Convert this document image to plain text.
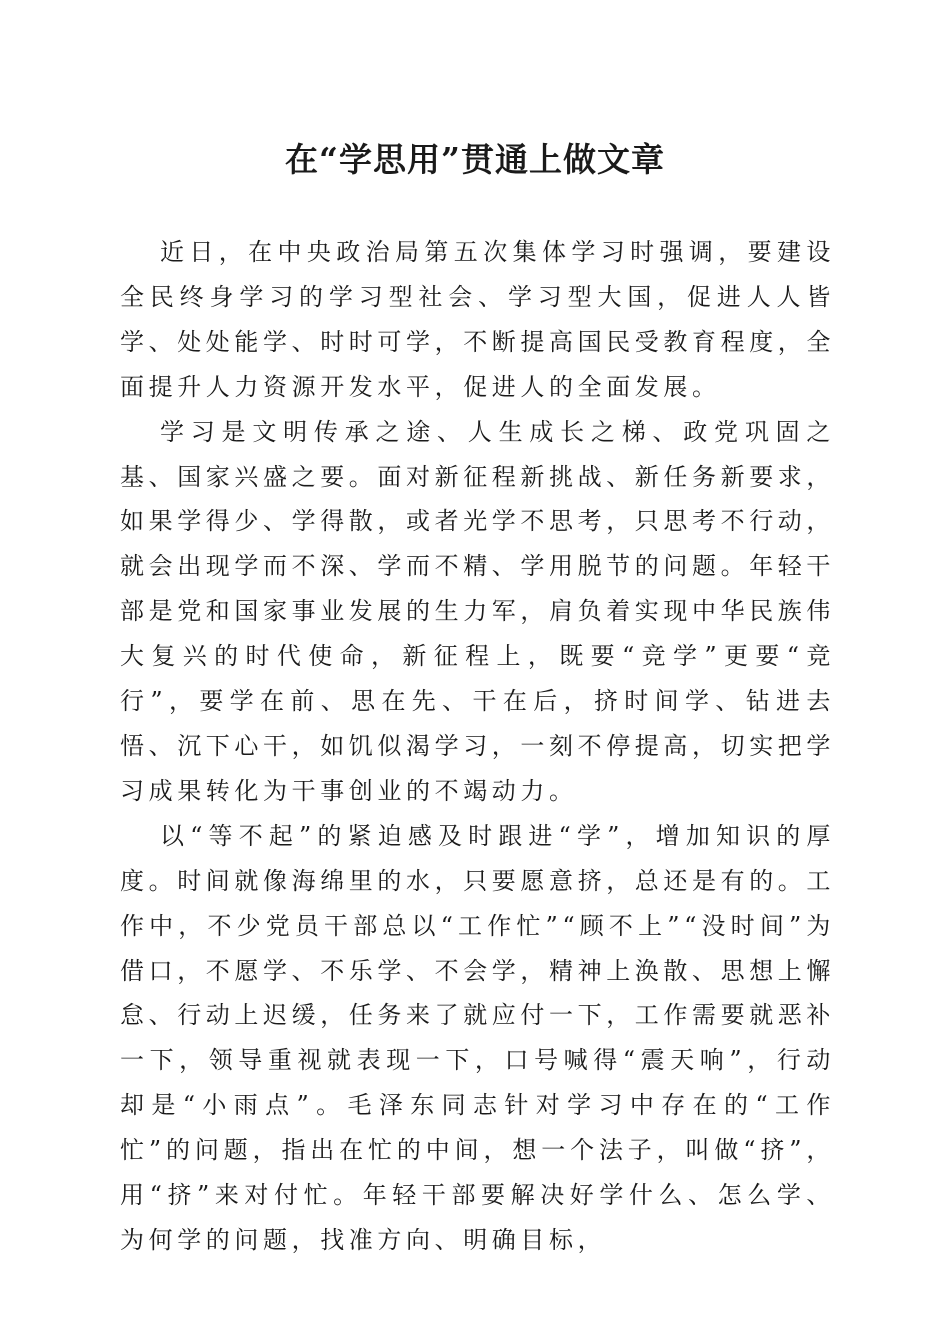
在“学思用”贯通上做文章

近日，在中央政治局第五次集体学习时强调，要建设全民终身学习的学习型社会、学习型大国，促进人人皆学、处处能学、时时可学，不断提高国民受教育程度，全面提升人力资源开发水平，促进人的全面发展。

学习是文明传承之途、人生成长之梯、政党巩固之基、国家兴盛之要。面对新征程新挑战、新任务新要求，如果学得少、学得散，或者光学不思考，只思考不行动，就会出现学而不深、学而不精、学用脱节的问题。年轻干部是党和国家事业发展的生力军，肩负着实现中华民族伟大复兴的时代使命，新征程上，既要“竞学”更要“竞行”，要学在前、思在先、干在后，挤时间学、钻进去悟、沉下心干，如饥似渴学习，一刻不停提高，切实把学习成果转化为干事创业的不竭动力。

以“等不起”的紧迫感及时跟进“学”，增加知识的厚度。时间就像海绵里的水，只要愿意挤，总还是有的。工作中，不少党员干部总以“工作忙”“顾不上”“没时间”为借口，不愿学、不乐学、不会学，精神上涣散、思想上懈怠、行动上迟缓，任务来了就应付一下，工作需要就恶补一下，领导重视就表现一下，口号喊得“震天响”，行动却是“小雨点”。毛泽东同志针对学习中存在的“工作忙”的问题，指出在忙的中间，想一个法子，叫做“挤”，用“挤”来对付忙。年轻干部要解决好学什么、怎么学、为何学的问题，找准方向、明确目标，
